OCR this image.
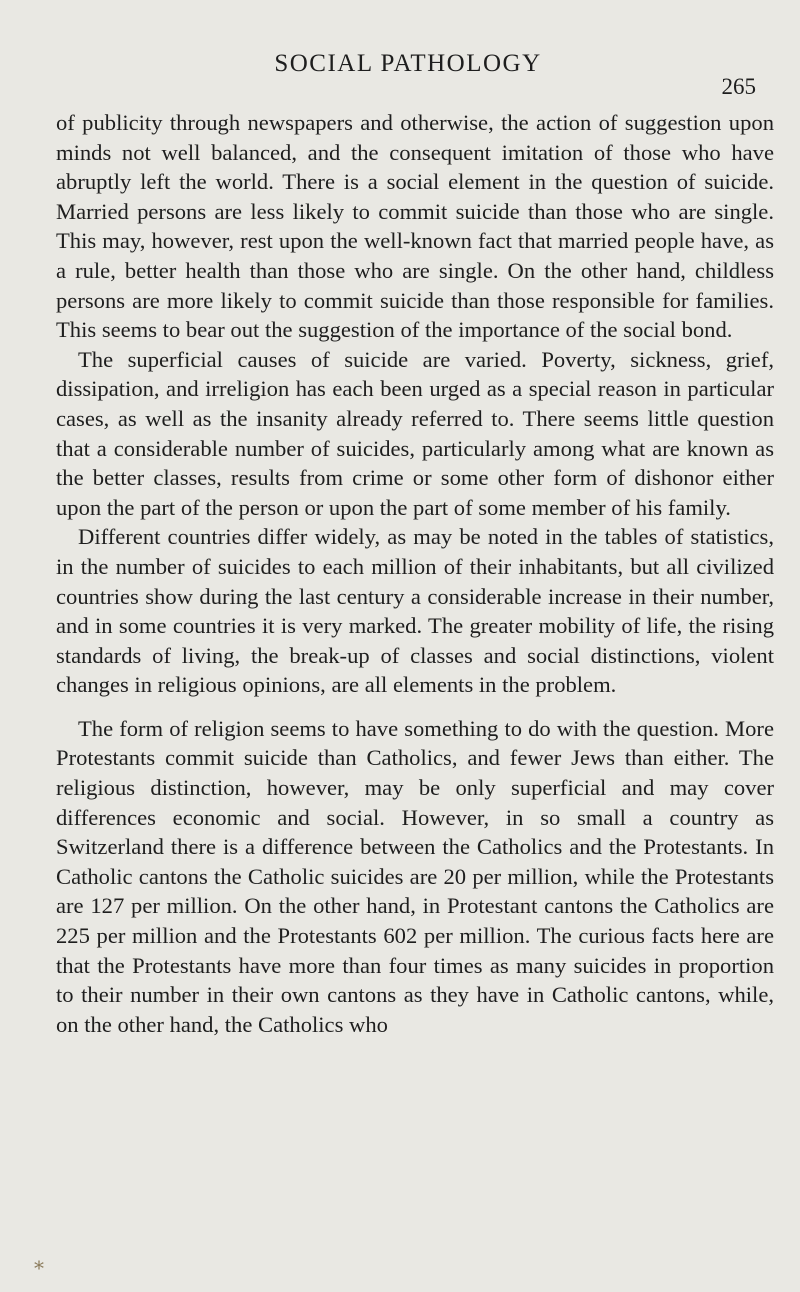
SOCIAL PATHOLOGY
265

of publicity through newspapers and otherwise, the action of suggestion upon minds not well balanced, and the consequent imitation of those who have abruptly left the world. There is a social element in the question of suicide. Married persons are less likely to commit suicide than those who are single. This may, however, rest upon the well-known fact that married people have, as a rule, better health than those who are single. On the other hand, childless persons are more likely to commit suicide than those responsible for families. This seems to bear out the suggestion of the importance of the social bond.

The superficial causes of suicide are varied. Poverty, sickness, grief, dissipation, and irreligion has each been urged as a special reason in particular cases, as well as the insanity already referred to. There seems little question that a considerable number of suicides, particularly among what are known as the better classes, results from crime or some other form of dishonor either upon the part of the person or upon the part of some member of his family.

Different countries differ widely, as may be noted in the tables of statistics, in the number of suicides to each million of their inhabitants, but all civilized countries show during the last century a considerable increase in their number, and in some countries it is very marked. The greater mobility of life, the rising standards of living, the break-up of classes and social distinctions, violent changes in religious opinions, are all elements in the problem.

The form of religion seems to have something to do with the question. More Protestants commit suicide than Catholics, and fewer Jews than either. The religious distinction, however, may be only superficial and may cover differences economic and social. However, in so small a country as Switzerland there is a difference between the Catholics and the Protestants. In Catholic cantons the Catholic suicides are 20 per million, while the Protestants are 127 per million. On the other hand, in Protestant cantons the Catholics are 225 per million and the Protestants 602 per million. The curious facts here are that the Protestants have more than four times as many suicides in proportion to their number in their own cantons as they have in Catholic cantons, while, on the other hand, the Catholics who

⁎
